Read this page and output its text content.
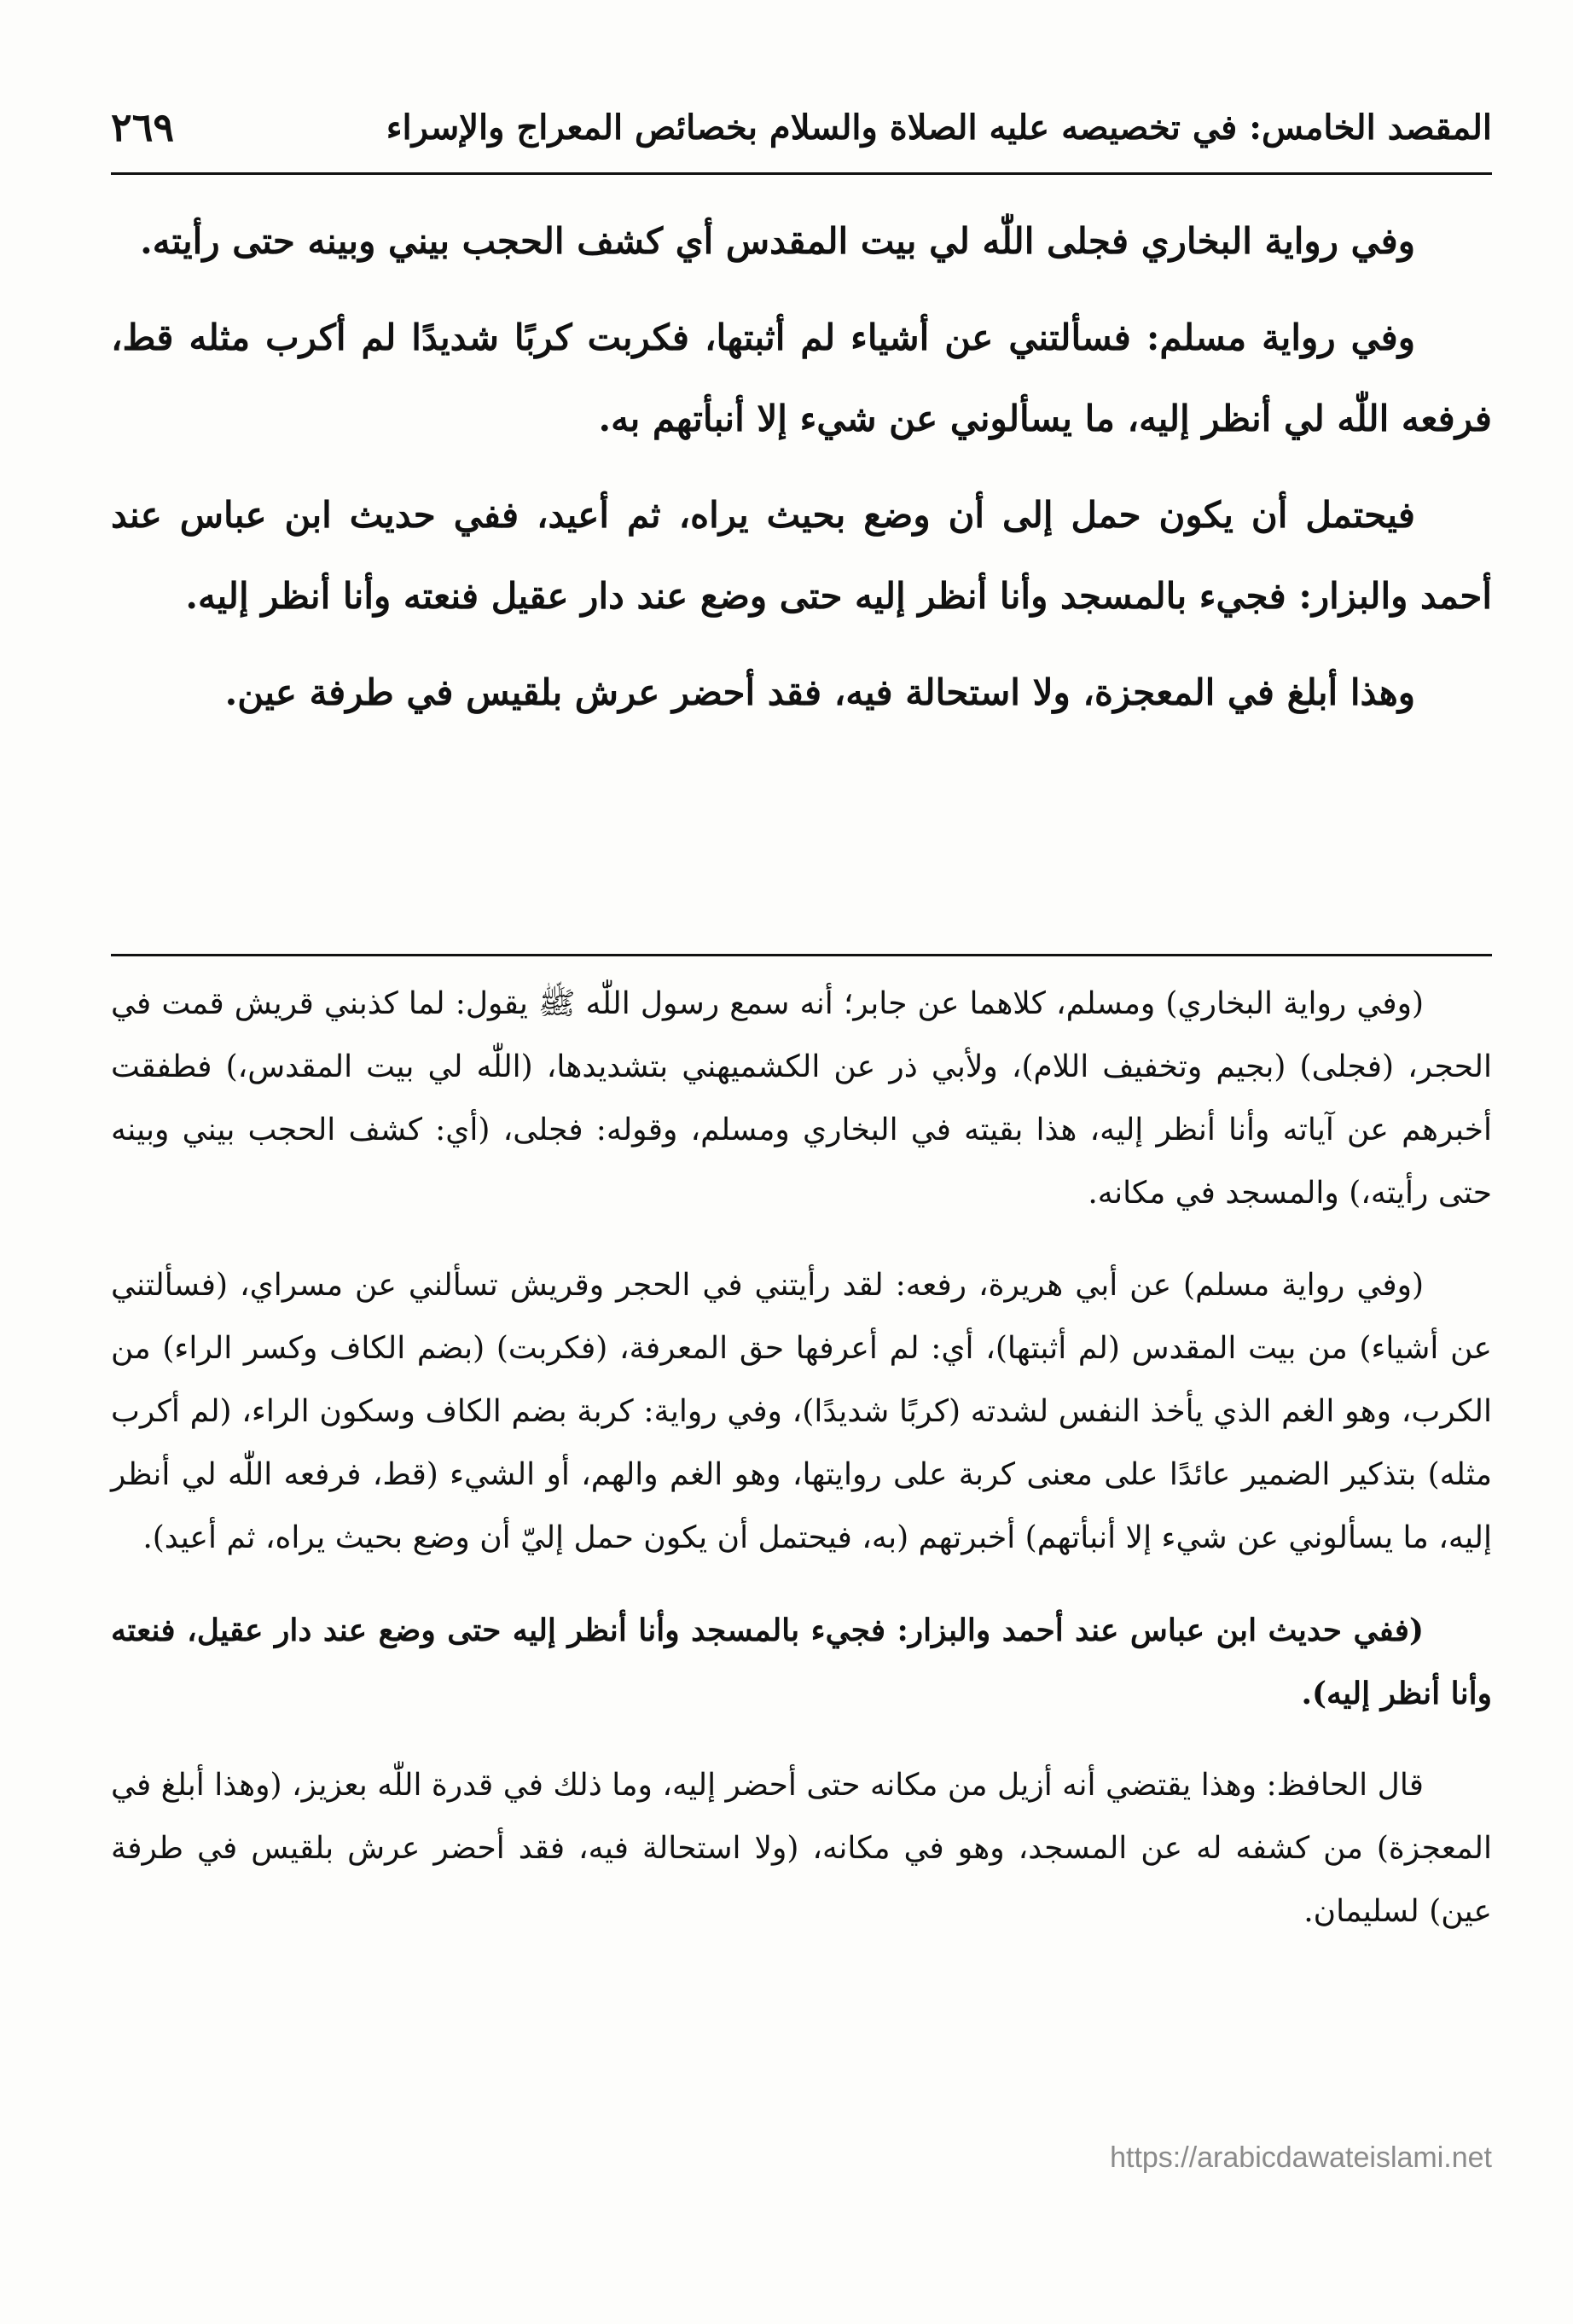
المقصد الخامس: في تخصيصه عليه الصلاة والسلام بخصائص المعراج والإسراء
٢٦٩

وفي رواية البخاري فجلى اللّٰه لي بيت المقدس أي كشف الحجب بيني وبينه حتى رأيته.

وفي رواية مسلم: فسألتني عن أشياء لم أثبتها، فكربت كربًا شديدًا لم أكرب مثله قط، فرفعه اللّٰه لي أنظر إليه، ما يسألوني عن شيء إلا أنبأتهم به.

فيحتمل أن يكون حمل إلى أن وضع بحيث يراه، ثم أعيد، ففي حديث ابن عباس عند أحمد والبزار: فجيء بالمسجد وأنا أنظر إليه حتى وضع عند دار عقيل فنعته وأنا أنظر إليه.

وهذا أبلغ في المعجزة، ولا استحالة فيه، فقد أحضر عرش بلقيس في طرفة عين.

(وفي رواية البخاري) ومسلم، كلاهما عن جابر؛ أنه سمع رسول اللّٰه ﷺ يقول: لما كذبني قريش قمت في الحجر، (فجلى) (بجيم وتخفيف اللام)، ولأبي ذر عن الكشميهني بتشديدها، (اللّٰه لي بيت المقدس،) فطفقت أخبرهم عن آياته وأنا أنظر إليه، هذا بقيته في البخاري ومسلم، وقوله: فجلى، (أي: كشف الحجب بيني وبينه حتى رأيته،) والمسجد في مكانه.

(وفي رواية مسلم) عن أبي هريرة، رفعه: لقد رأيتني في الحجر وقريش تسألني عن مسراي، (فسألتني عن أشياء) من بيت المقدس (لم أثبتها)، أي: لم أعرفها حق المعرفة، (فكربت) (بضم الكاف وكسر الراء) من الكرب، وهو الغم الذي يأخذ النفس لشدته (كربًا شديدًا)، وفي رواية: كربة بضم الكاف وسكون الراء، (لم أكرب مثله) بتذكير الضمير عائدًا على معنى كربة على روايتها، وهو الغم والهم، أو الشيء (قط، فرفعه اللّٰه لي أنظر إليه، ما يسألوني عن شيء إلا أنبأتهم) أخبرتهم (به، فيحتمل أن يكون حمل إليّ أن وضع بحيث يراه، ثم أعيد).

(ففي حديث ابن عباس عند أحمد والبزار: فجيء بالمسجد وأنا أنظر إليه حتى وضع عند دار عقيل، فنعته وأنا أنظر إليه).

قال الحافظ: وهذا يقتضي أنه أزيل من مكانه حتى أحضر إليه، وما ذلك في قدرة اللّٰه بعزيز، (وهذا أبلغ في المعجزة) من كشفه له عن المسجد، وهو في مكانه، (ولا استحالة فيه، فقد أحضر عرش بلقيس في طرفة عين) لسليمان.

https://arabicdawateislami.net
